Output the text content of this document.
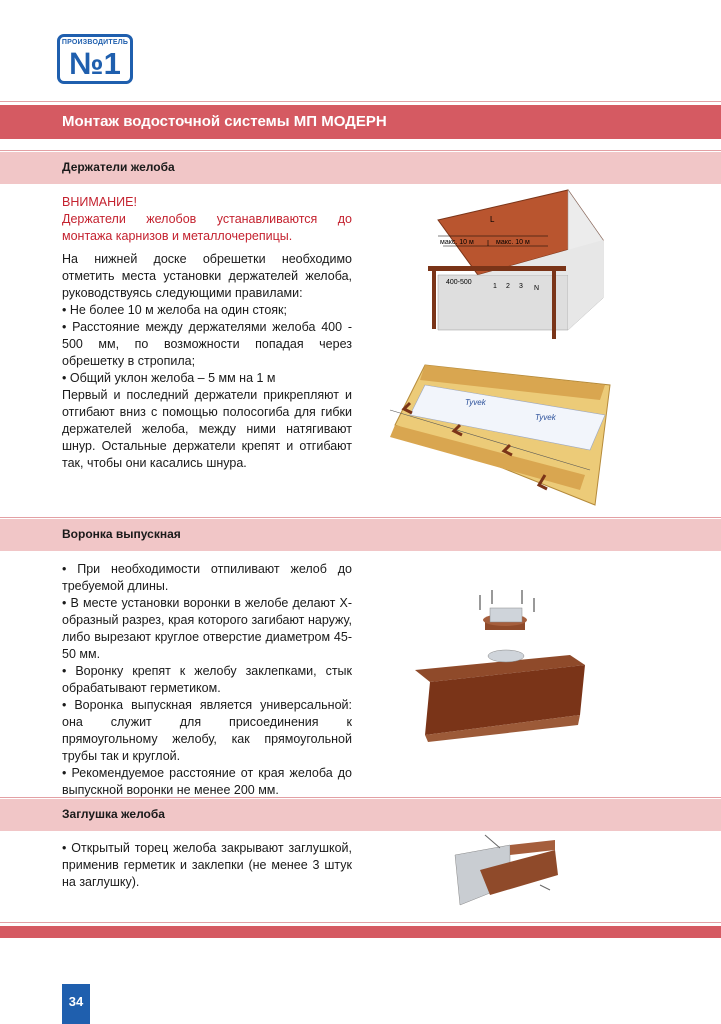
ПРОИЗВОДИТЕЛЬ
№1
Монтаж водосточной системы МП МОДЕРН
Держатели желоба

ВНИМАНИЕ!

Держатели желобов устанавливаются до монтажа карнизов и металлочерепицы.

На нижней доске обрешетки необходимо отметить места установки держателей желоба, руководствуясь следующими правилами:

• Не более 10 м желоба на один стояк;

• Расстояние между держателями желоба 400 - 500 мм, по возможности попадая через обрешетку в стропила;

• Общий уклон желоба – 5 мм на 1 м

Первый и последний держатели прикрепляют и отгибают вниз с помощью полосогиба для гибки держателей желоба, между ними натягивают шнур. Остальные держатели крепят и отгибают так, чтобы они касались шнура.

L
макс. 10 м	макс. 10 м
400-500
1 2 3 N
Tyvek
Tyvek
Воронка выпускная

• При необходимости отпиливают желоб до требуемой длины.

• В месте установки воронки в желобе делают Х-образный разрез, края которого загибают наружу, либо вырезают круглое отверстие диаметром 45-50 мм.

• Воронку крепят к желобу заклепками, стык обрабатывают герметиком.

• Воронка выпускная является универсальной: она служит для присоединения к прямоугольному желобу, как прямоугольной трубы так и круглой.

• Рекомендуемое расстояние от края желоба до выпускной воронки не менее 200 мм.

Заглушка желоба

• Открытый торец желоба закрывают заглушкой, применив герметик и заклепки (не менее 3 штук на заглушку).

34
